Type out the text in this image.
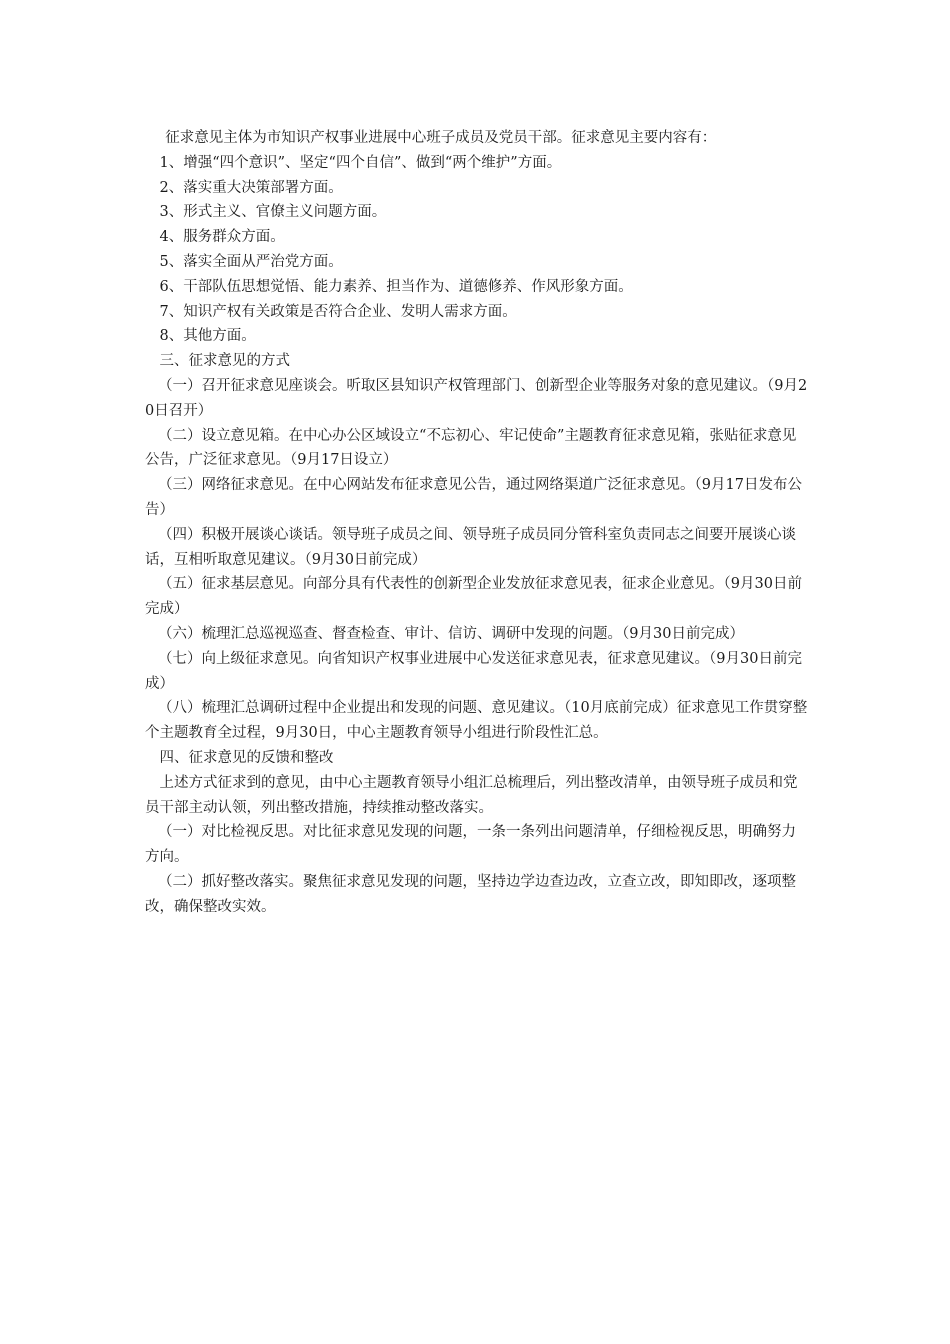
征求意见主体为市知识产权事业进展中心班子成员及党员干部。征求意见主要内容有：

1、增强“四个意识”、坚定“四个自信”、做到“两个维护”方面。

2、落实重大决策部署方面。

3、形式主义、官僚主义问题方面。

4、服务群众方面。

5、落实全面从严治党方面。

6、干部队伍思想觉悟、能力素养、担当作为、道德修养、作风形象方面。

7、知识产权有关政策是否符合企业、发明人需求方面。

8、其他方面。

三、征求意见的方式

（一）召开征求意见座谈会。听取区县知识产权管理部门、创新型企业等服务对象的意见建议。（9月20日召开）

（二）设立意见箱。在中心办公区域设立“不忘初心、牢记使命”主题教育征求意见箱，张贴征求意见公告，广泛征求意见。（9月17日设立）

（三）网络征求意见。在中心网站发布征求意见公告，通过网络渠道广泛征求意见。（9月17日发布公告）

（四）积极开展谈心谈话。领导班子成员之间、领导班子成员同分管科室负责同志之间要开展谈心谈话，互相听取意见建议。（9月30日前完成）

（五）征求基层意见。向部分具有代表性的创新型企业发放征求意见表，征求企业意见。（9月30日前完成）

（六）梳理汇总巡视巡查、督查检查、审计、信访、调研中发现的问题。（9月30日前完成）

（七）向上级征求意见。向省知识产权事业进展中心发送征求意见表，征求意见建议。（9月30日前完成）

（八）梳理汇总调研过程中企业提出和发现的问题、意见建议。（10月底前完成）征求意见工作贯穿整个主题教育全过程，9月30日，中心主题教育领导小组进行阶段性汇总。

四、征求意见的反馈和整改

上述方式征求到的意见，由中心主题教育领导小组汇总梳理后，列出整改清单，由领导班子成员和党员干部主动认领，列出整改措施，持续推动整改落实。

（一）对比检视反思。对比征求意见发现的问题，一条一条列出问题清单，仔细检视反思，明确努力方向。

（二）抓好整改落实。聚焦征求意见发现的问题，坚持边学边查边改，立查立改，即知即改，逐项整改，确保整改实效。
